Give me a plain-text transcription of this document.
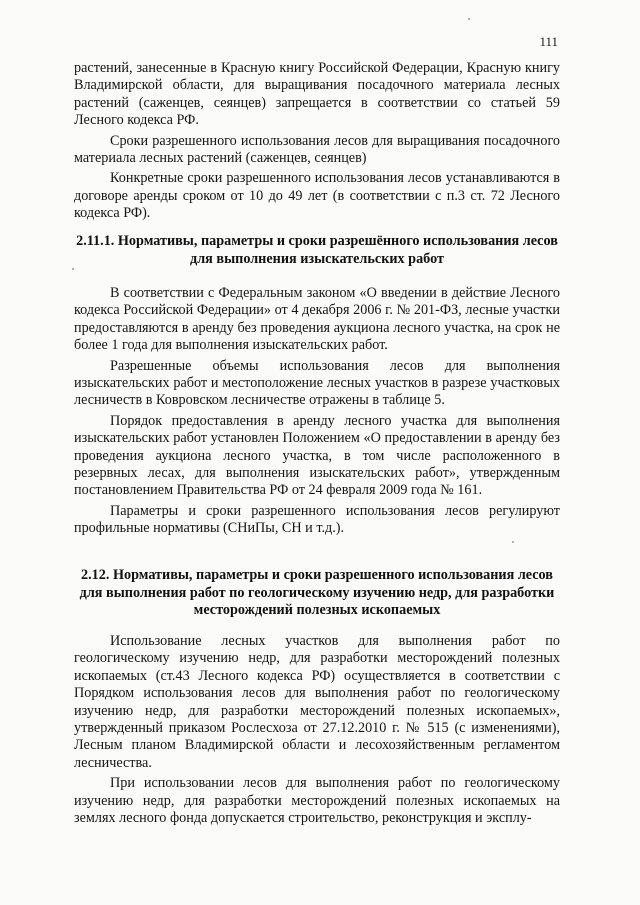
111

растений, занесенные в Красную книгу Российской Федерации, Красную книгу Владимирской области, для выращивания посадочного материала лесных растений (саженцев, сеянцев) запрещается в соответствии со статьей 59 Лесного кодекса РФ.

Сроки разрешенного использования лесов для выращивания посадочного материала лесных растений (саженцев, сеянцев)

Конкретные сроки разрешенного использования лесов устанавливаются в договоре аренды сроком от 10 до 49 лет (в соответствии с п.3 ст. 72 Лесного кодекса РФ).

2.11.1. Нормативы, параметры и сроки разрешённого использования лесов для выполнения изыскательских работ

В соответствии с Федеральным законом «О введении в действие Лесного кодекса Российской Федерации» от 4 декабря 2006 г. № 201-ФЗ, лесные участки предоставляются в аренду без проведения аукциона лесного участка, на срок не более 1 года для выполнения изыскательских работ.

Разрешенные объемы использования лесов для выполнения изыскательских работ и местоположение лесных участков в разрезе участковых лесничеств в Ковровском лесничестве отражены в таблице 5.

Порядок предоставления в аренду лесного участка для выполнения изыскательских работ установлен Положением «О предоставлении в аренду без проведения аукциона лесного участка, в том числе расположенного в резервных лесах, для выполнения изыскательских работ», утвержденным постановлением Правительства РФ от 24 февраля 2009 года № 161.

Параметры и сроки разрешенного использования лесов регулируют профильные нормативы (СНиПы, СН и т.д.).

2.12. Нормативы, параметры и сроки разрешенного использования лесов для выполнения работ по геологическому изучению недр, для разработки месторождений полезных ископаемых

Использование лесных участков для выполнения работ по геологическому изучению недр, для разработки месторождений полезных ископаемых (ст.43 Лесного кодекса РФ) осуществляется в соответствии с Порядком использования лесов для выполнения работ по геологическому изучению недр, для разработки месторождений полезных ископаемых», утвержденный приказом Рослесхоза от 27.12.2010 г. № 515 (с изменениями), Лесным планом Владимирской области и лесохозяйственным регламентом лесничества.

При использовании лесов для выполнения работ по геологическому изучению недр, для разработки месторождений полезных ископаемых на землях лесного фонда допускается строительство, реконструкция и эксплу-
